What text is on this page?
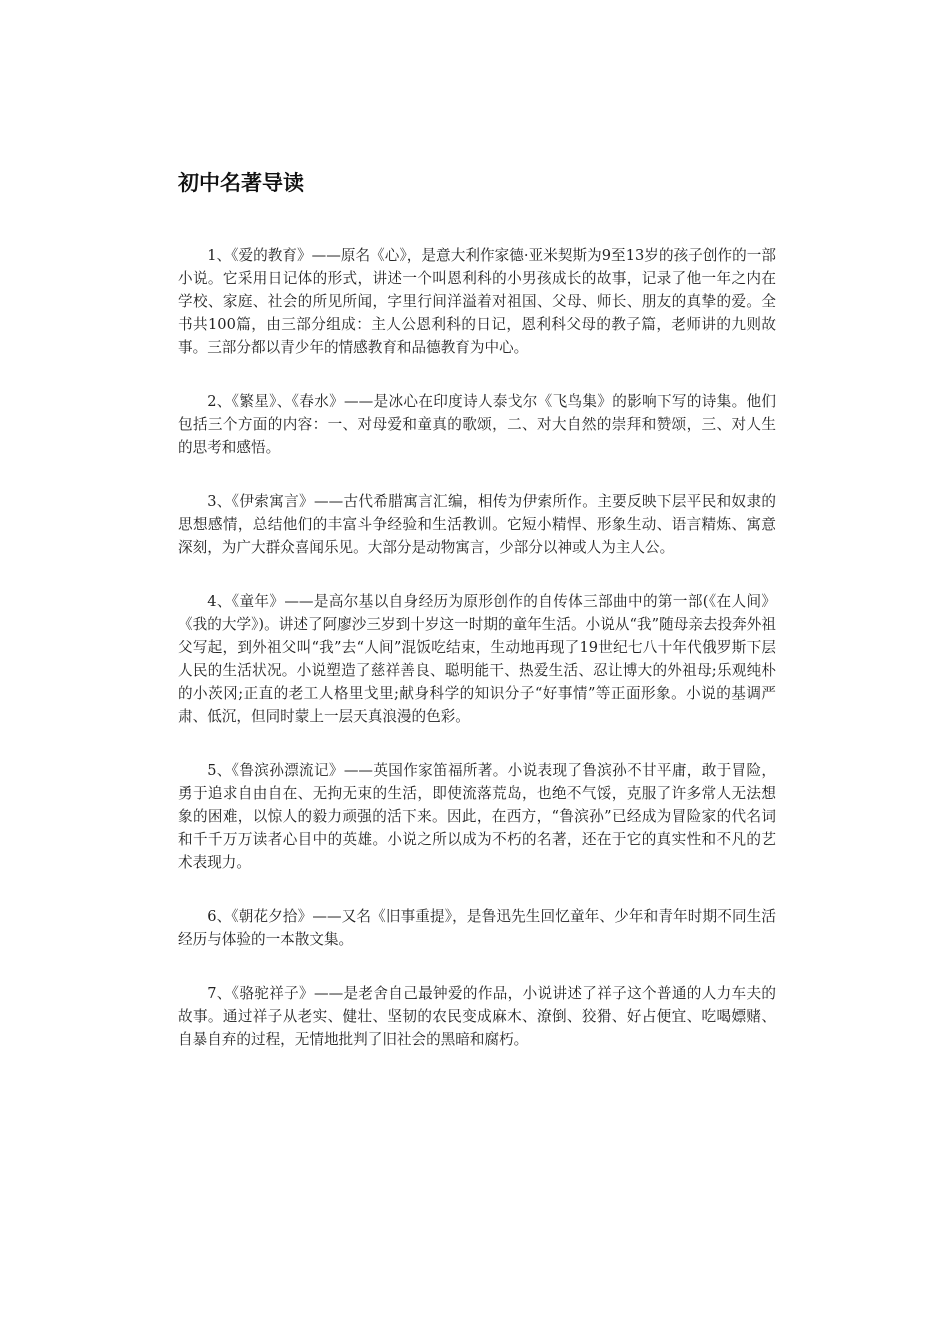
初中名著导读

1、《爱的教育》——原名《心》，是意大利作家德·亚米契斯为9至13岁的孩子创作的一部小说。它采用日记体的形式，讲述一个叫恩利科的小男孩成长的故事，记录了他一年之内在学校、家庭、社会的所见所闻，字里行间洋溢着对祖国、父母、师长、朋友的真挚的爱。全书共100篇，由三部分组成：主人公恩利科的日记，恩利科父母的教子篇，老师讲的九则故事。三部分都以青少年的情感教育和品德教育为中心。

2、《繁星》、《春水》——是冰心在印度诗人泰戈尔《飞鸟集》的影响下写的诗集。他们包括三个方面的内容：一、对母爱和童真的歌颂，二、对大自然的崇拜和赞颂，三、对人生的思考和感悟。

3、《伊索寓言》——古代希腊寓言汇编，相传为伊索所作。主要反映下层平民和奴隶的思想感情，总结他们的丰富斗争经验和生活教训。它短小精悍、形象生动、语言精炼、寓意深刻，为广大群众喜闻乐见。大部分是动物寓言，少部分以神或人为主人公。

4、《童年》——是高尔基以自身经历为原形创作的自传体三部曲中的第一部(《在人间》《我的大学》)。讲述了阿廖沙三岁到十岁这一时期的童年生活。小说从“我”随母亲去投奔外祖父写起，到外祖父叫“我”去“人间”混饭吃结束，生动地再现了19世纪七八十年代俄罗斯下层人民的生活状况。小说塑造了慈祥善良、聪明能干、热爱生活、忍让博大的外祖母;乐观纯朴的小茨冈;正直的老工人格里戈里;献身科学的知识分子“好事情”等正面形象。小说的基调严肃、低沉，但同时蒙上一层天真浪漫的色彩。

5、《鲁滨孙漂流记》——英国作家笛福所著。小说表现了鲁滨孙不甘平庸，敢于冒险，勇于追求自由自在、无拘无束的生活，即使流落荒岛，也绝不气馁，克服了许多常人无法想象的困难，以惊人的毅力顽强的活下来。因此，在西方，“鲁滨孙”已经成为冒险家的代名词和千千万万读者心目中的英雄。小说之所以成为不朽的名著，还在于它的真实性和不凡的艺术表现力。

6、《朝花夕拾》——又名《旧事重提》，是鲁迅先生回忆童年、少年和青年时期不同生活经历与体验的一本散文集。

7、《骆驼祥子》——是老舍自己最钟爱的作品，小说讲述了祥子这个普通的人力车夫的故事。通过祥子从老实、健壮、坚韧的农民变成麻木、潦倒、狡猾、好占便宜、吃喝嫖赌、自暴自弃的过程，无情地批判了旧社会的黑暗和腐朽。
